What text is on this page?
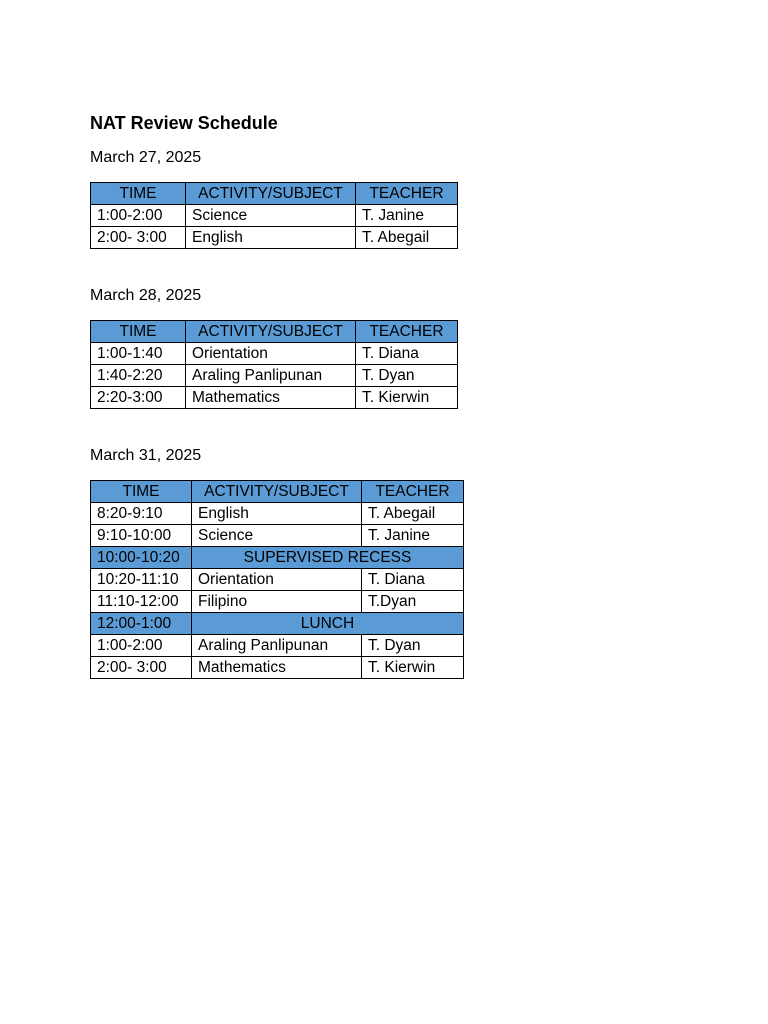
NAT Review Schedule

March 27, 2025

TIME	ACTIVITY/SUBJECT	TEACHER
1:00-2:00	Science	T. Janine
2:00- 3:00	English	T. Abegail

March 28, 2025

TIME	ACTIVITY/SUBJECT	TEACHER
1:00-1:40	Orientation	T. Diana
1:40-2:20	Araling Panlipunan	T. Dyan
2:20-3:00	Mathematics	T. Kierwin

March 31, 2025

TIME	ACTIVITY/SUBJECT	TEACHER
8:20-9:10	English	T. Abegail
9:10-10:00	Science	T. Janine
10:00-10:20	SUPERVISED RECESS	
10:20-11:10	Orientation	T. Diana
11:10-12:00	Filipino	T.Dyan
12:00-1:00	LUNCH	
1:00-2:00	Araling Panlipunan	T. Dyan
2:00- 3:00	Mathematics	T. Kierwin
